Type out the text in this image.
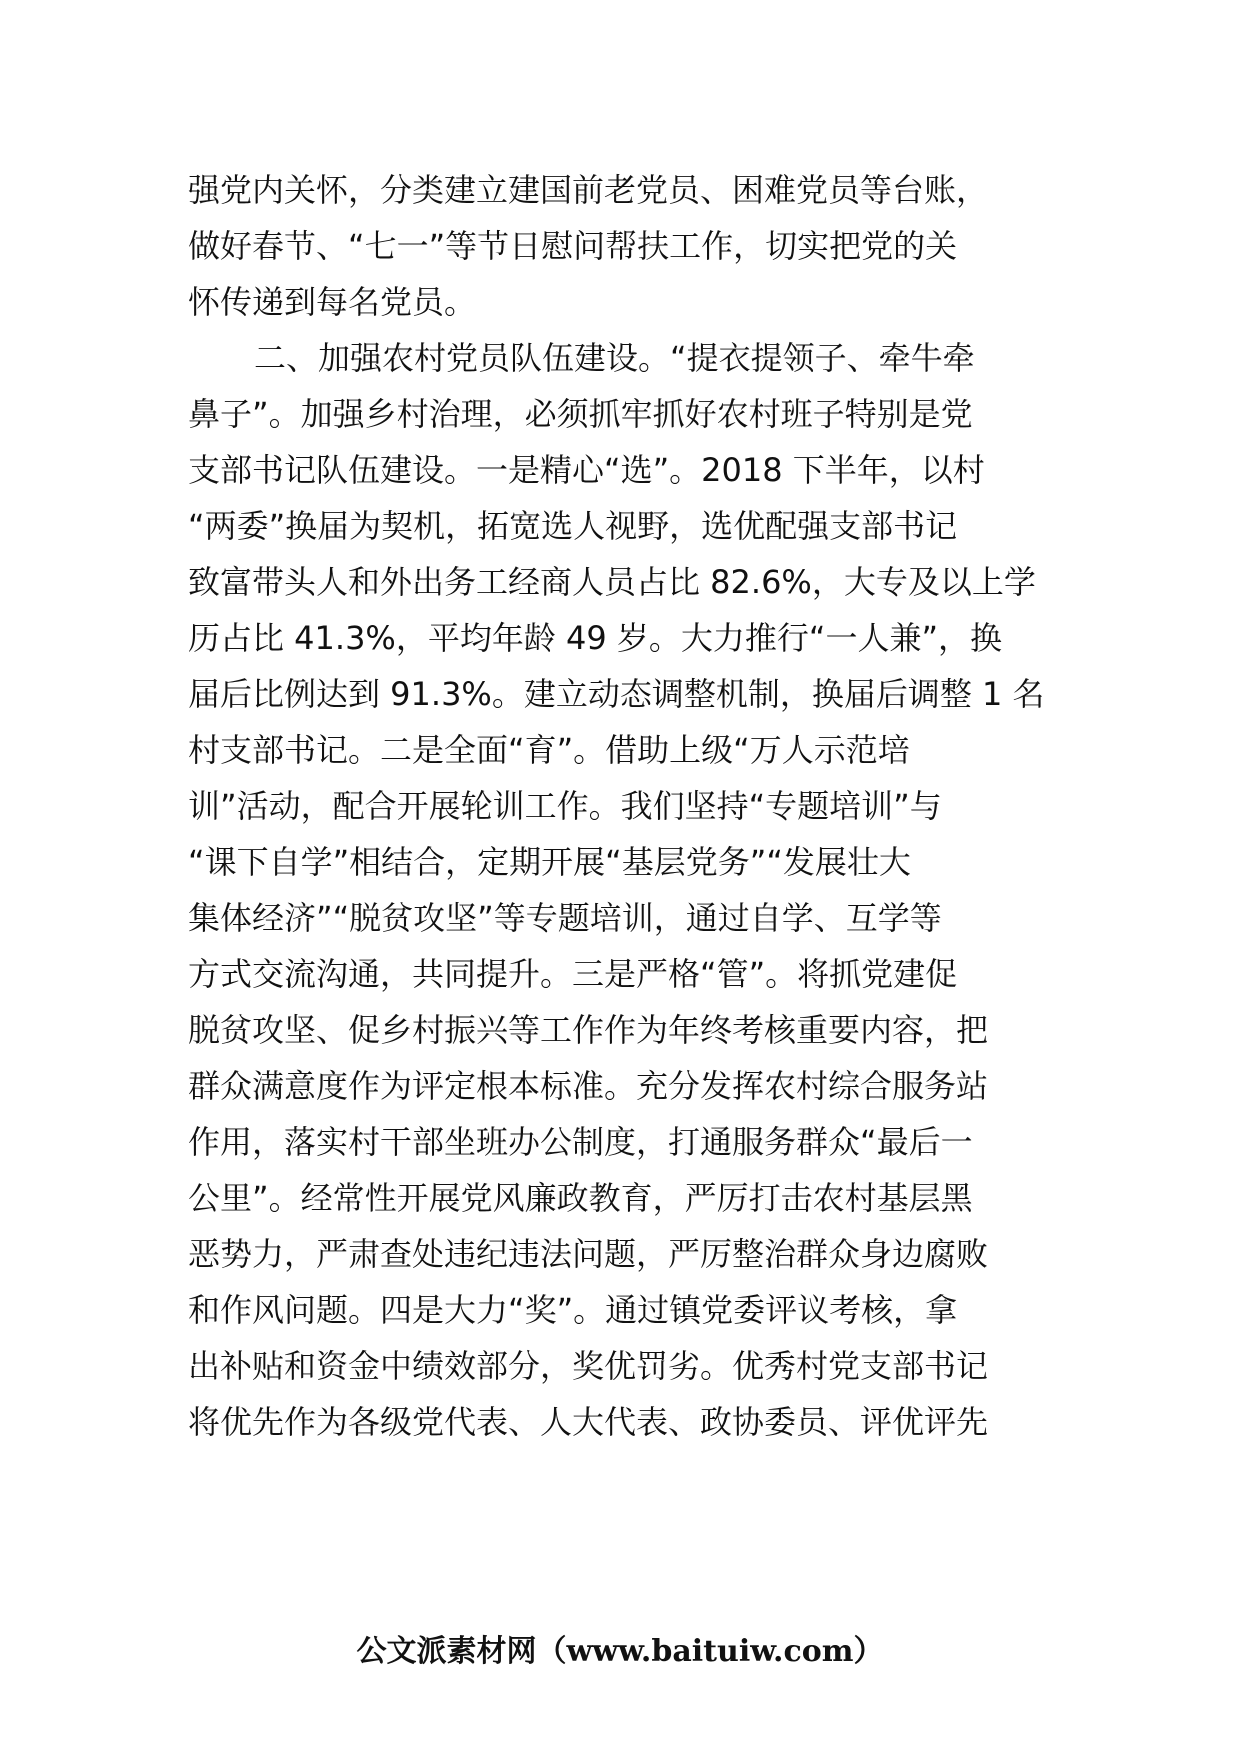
强党内关怀，分类建立建国前老党员、困难党员等台账，
做好春节、“七一”等节日慰问帮扶工作，切实把党的关
怀传递到每名党员。
二、加强农村党员队伍建设。“提衣提领子、牵牛牵
鼻子”。加强乡村治理，必须抓牢抓好农村班子特别是党
支部书记队伍建设。一是精心“选”。2018 下半年，以村
“两委”换届为契机，拓宽选人视野，选优配强支部书记
致富带头人和外出务工经商人员占比 82.6%，大专及以上学
历占比 41.3%，平均年龄 49 岁。大力推行“一人兼”，换
届后比例达到 91.3%。建立动态调整机制，换届后调整 1 名
村支部书记。二是全面“育”。借助上级“万人示范培
训”活动，配合开展轮训工作。我们坚持“专题培训”与
“课下自学”相结合，定期开展“基层党务”“发展壮大
集体经济”“脱贫攻坚”等专题培训，通过自学、互学等
方式交流沟通，共同提升。三是严格“管”。将抓党建促
脱贫攻坚、促乡村振兴等工作作为年终考核重要内容，把
群众满意度作为评定根本标准。充分发挥农村综合服务站
作用，落实村干部坐班办公制度，打通服务群众“最后一
公里”。经常性开展党风廉政教育，严厉打击农村基层黑
恶势力，严肃查处违纪违法问题，严厉整治群众身边腐败
和作风问题。四是大力“奖”。通过镇党委评议考核，拿
出补贴和资金中绩效部分，奖优罚劣。优秀村党支部书记
将优先作为各级党代表、人大代表、政协委员、评优评先
公文派素材网（www.baituiw.com）
